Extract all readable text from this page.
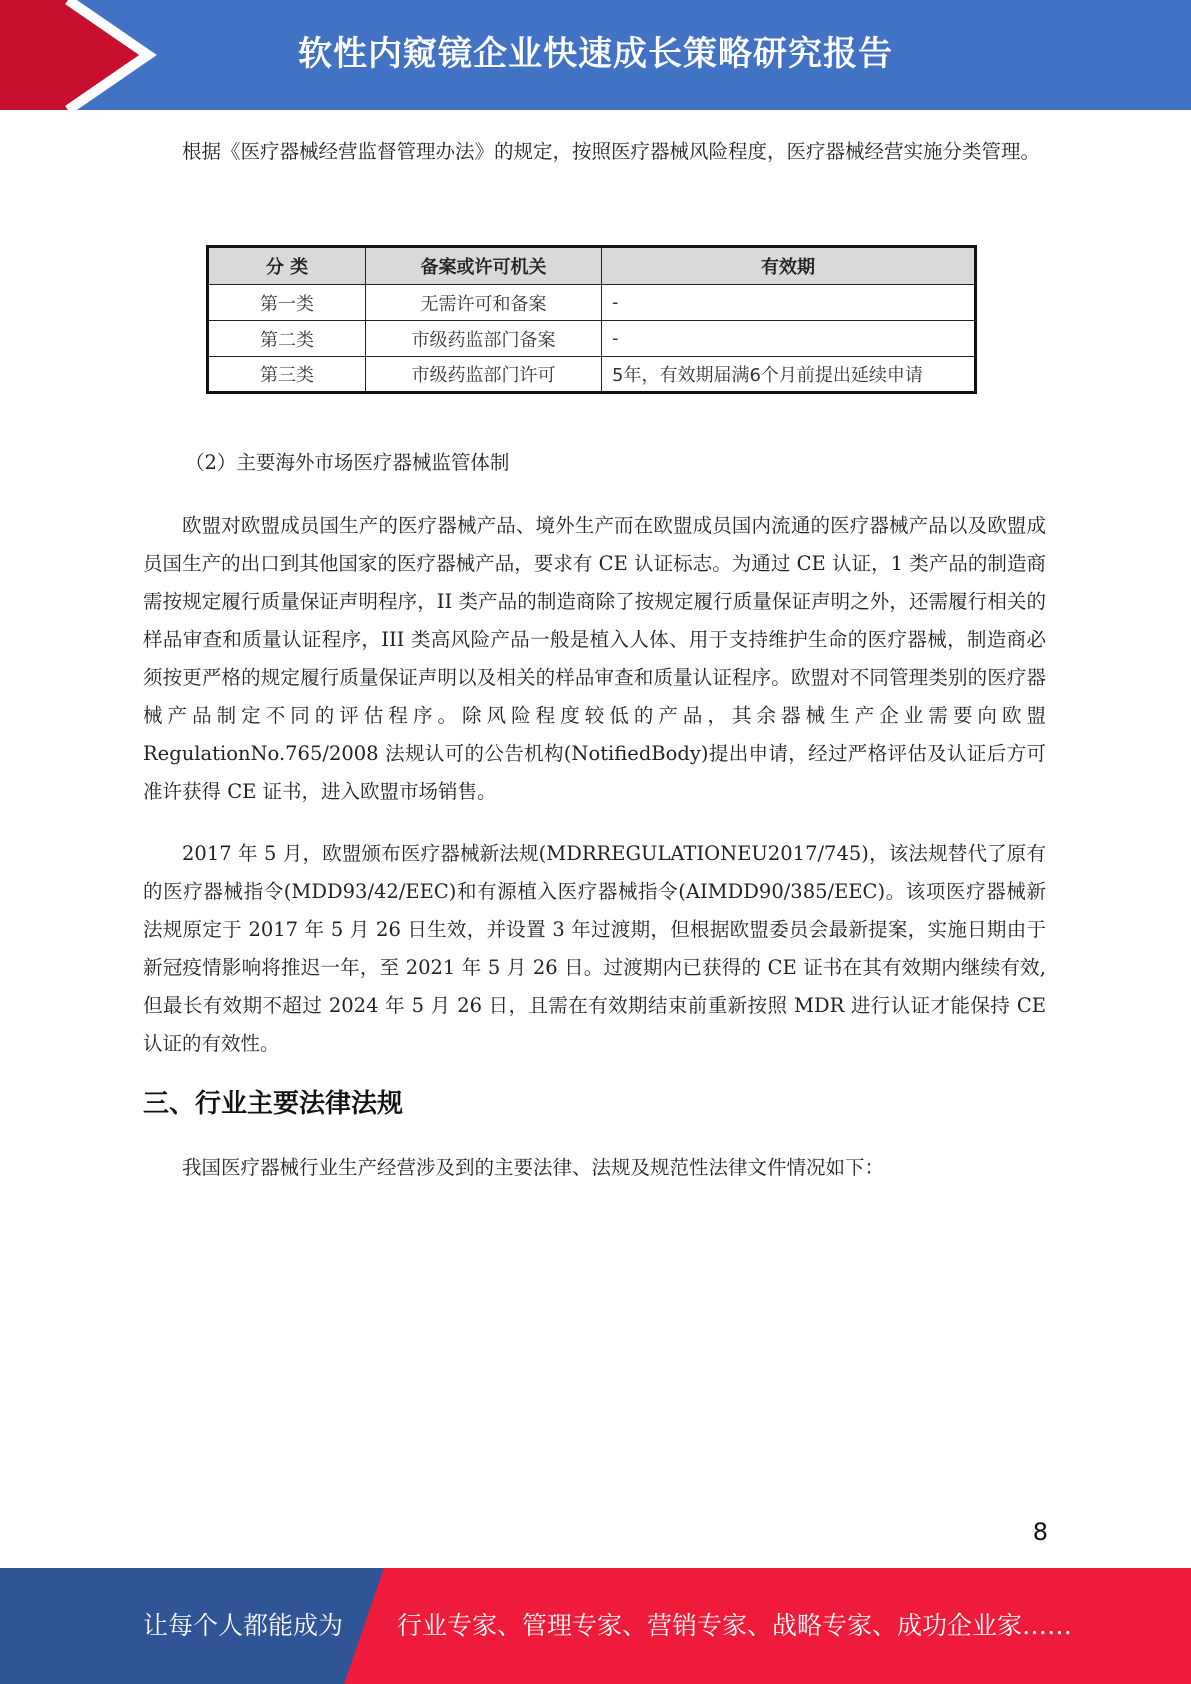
软性内窥镜企业快速成长策略研究报告

根据《医疗器械经营监督管理办法》的规定，按照医疗器械风险程度，医疗器械经营实施分类管理。

分 类	备案或许可机关	有效期
第一类	无需许可和备案	-
第二类	市级药监部门备案	-
第三类	市级药监部门许可	5年，有效期届满6个月前提出延续申请

（2）主要海外市场医疗器械监管体制

欧盟对欧盟成员国生产的医疗器械产品、境外生产而在欧盟成员国内流通的医疗器械产品以及欧盟成员国生产的出口到其他国家的医疗器械产品，要求有 CE 认证标志。为通过 CE 认证，1 类产品的制造商需按规定履行质量保证声明程序，II 类产品的制造商除了按规定履行质量保证声明之外，还需履行相关的样品审查和质量认证程序，III 类高风险产品一般是植入人体、用于支持维护生命的医疗器械，制造商必须按更严格的规定履行质量保证声明以及相关的样品审查和质量认证程序。欧盟对不同管理类别的医疗器械产品制定不同的评估程序。除风险程度较低的产品，其余器械生产企业需要向欧盟 RegulationNo.765/2008 法规认可的公告机构(NotifiedBody)提出申请，经过严格评估及认证后方可准许获得 CE 证书，进入欧盟市场销售。

2017 年 5 月，欧盟颁布医疗器械新法规(MDRREGULATIONEU2017/745)，该法规替代了原有的医疗器械指令(MDD93/42/EEC)和有源植入医疗器械指令(AIMDD90/385/EEC)。该项医疗器械新法规原定于 2017 年 5 月 26 日生效，并设置 3 年过渡期，但根据欧盟委员会最新提案，实施日期由于新冠疫情影响将推迟一年，至 2021 年 5 月 26 日。过渡期内已获得的 CE 证书在其有效期内继续有效,但最长有效期不超过 2024 年 5 月 26 日，且需在有效期结束前重新按照 MDR 进行认证才能保持 CE 认证的有效性。

三、行业主要法律法规

我国医疗器械行业生产经营涉及到的主要法律、法规及规范性法律文件情况如下：

8
让每个人都能成为 行业专家、管理专家、营销专家、战略专家、成功企业家……
